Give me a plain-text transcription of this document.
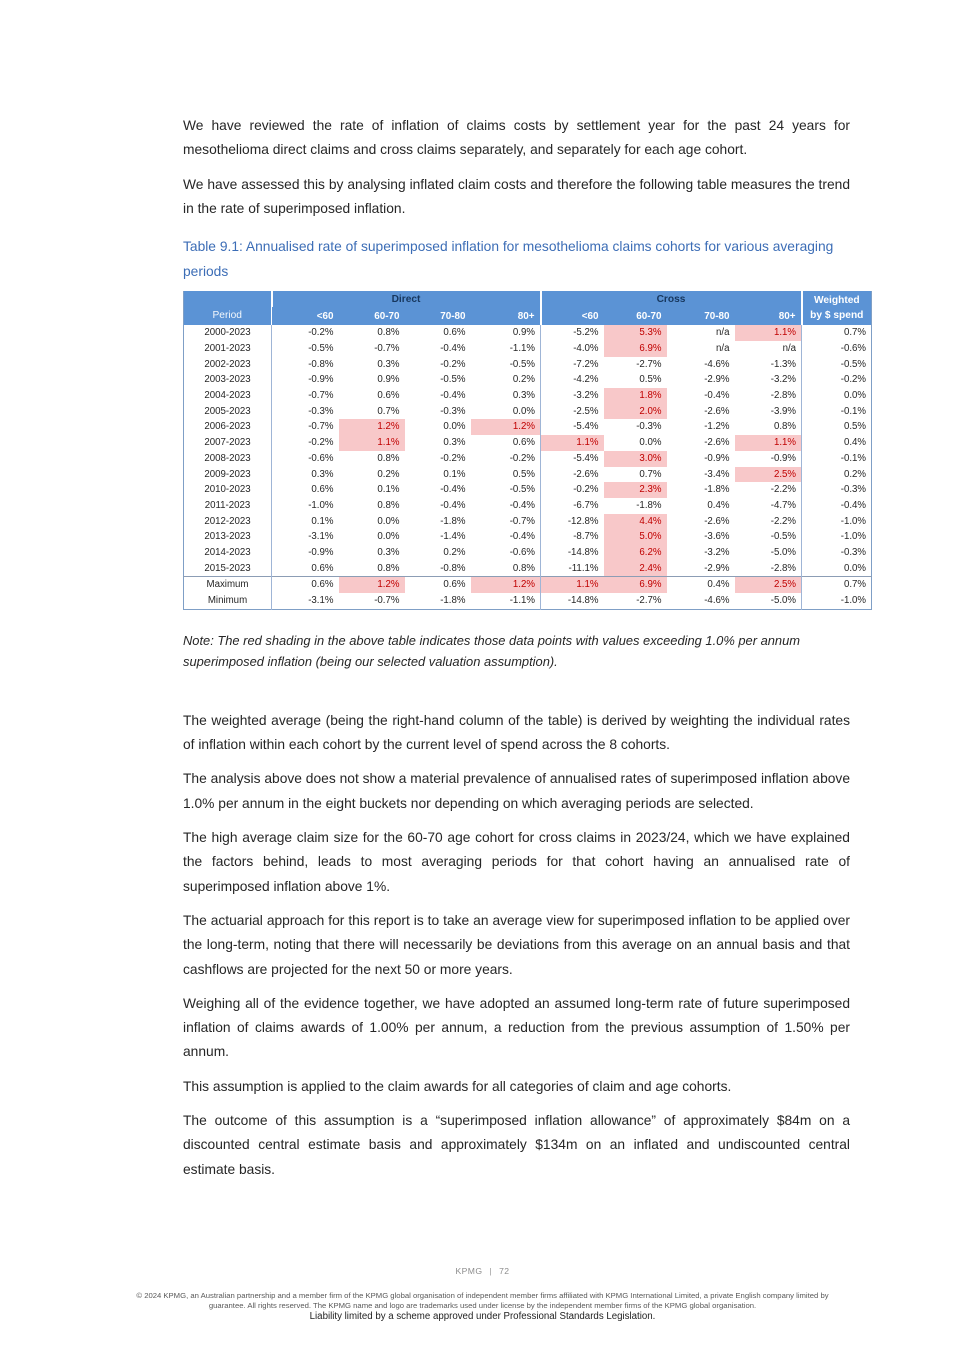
We have reviewed the rate of inflation of claims costs by settlement year for the past 24 years for mesothelioma direct claims and cross claims separately, and separately for each age cohort.

We have assessed this by analysing inflated claim costs and therefore the following table measures the trend in the rate of superimposed inflation.

Table 9.1: Annualised rate of superimposed inflation for mesothelioma claims cohorts for various averaging periods
Period	Direct				Cross				Weighted
by $ spend

	<60	60-70	70-80	80+	<60	60-70	70-80	80+	
2000-2023	-0.2%	0.8%	0.6%	0.9%	-5.2%	5.3%	n/a	1.1%	0.7%
2001-2023	-0.5%	-0.7%	-0.4%	-1.1%	-4.0%	6.9%	n/a	n/a	-0.6%
2002-2023	-0.8%	0.3%	-0.2%	-0.5%	-7.2%	-2.7%	-4.6%	-1.3%	-0.5%
2003-2023	-0.9%	0.9%	-0.5%	0.2%	-4.2%	0.5%	-2.9%	-3.2%	-0.2%
2004-2023	-0.7%	0.6%	-0.4%	0.3%	-3.2%	1.8%	-0.4%	-2.8%	0.0%
2005-2023	-0.3%	0.7%	-0.3%	0.0%	-2.5%	2.0%	-2.6%	-3.9%	-0.1%
2006-2023	-0.7%	1.2%	0.0%	1.2%	-5.4%	-0.3%	-1.2%	0.8%	0.5%
2007-2023	-0.2%	1.1%	0.3%	0.6%	1.1%	0.0%	-2.6%	1.1%	0.4%
2008-2023	-0.6%	0.8%	-0.2%	-0.2%	-5.4%	3.0%	-0.9%	-0.9%	-0.1%
2009-2023	0.3%	0.2%	0.1%	0.5%	-2.6%	0.7%	-3.4%	2.5%	0.2%
2010-2023	0.6%	0.1%	-0.4%	-0.5%	-0.2%	2.3%	-1.8%	-2.2%	-0.3%
2011-2023	-1.0%	0.8%	-0.4%	-0.4%	-6.7%	-1.8%	0.4%	-4.7%	-0.4%
2012-2023	0.1%	0.0%	-1.8%	-0.7%	-12.8%	4.4%	-2.6%	-2.2%	-1.0%
2013-2023	-3.1%	0.0%	-1.4%	-0.4%	-8.7%	5.0%	-3.6%	-0.5%	-1.0%
2014-2023	-0.9%	0.3%	0.2%	-0.6%	-14.8%	6.2%	-3.2%	-5.0%	-0.3%
2015-2023	0.6%	0.8%	-0.8%	0.8%	-11.1%	2.4%	-2.9%	-2.8%	0.0%
Maximum	0.6%	1.2%	0.6%	1.2%	1.1%	6.9%	0.4%	2.5%	0.7%
Minimum	-3.1%	-0.7%	-1.8%	-1.1%	-14.8%	-2.7%	-4.6%	-5.0%	-1.0%
Note: The red shading in the above table indicates those data points with values exceeding 1.0% per annum superimposed inflation (being our selected valuation assumption).

The weighted average (being the right-hand column of the table) is derived by weighting the individual rates of inflation within each cohort by the current level of spend across the 8 cohorts.

The analysis above does not show a material prevalence of annualised rates of superimposed inflation above 1.0% per annum in the eight buckets nor depending on which averaging periods are selected.

The high average claim size for the 60-70 age cohort for cross claims in 2023/24, which we have explained the factors behind, leads to most averaging periods for that cohort having an annualised rate of superimposed inflation above 1%.

The actuarial approach for this report is to take an average view for superimposed inflation to be applied over the long-term, noting that there will necessarily be deviations from this average on an annual basis and that cashflows are projected for the next 50 or more years.

Weighing all of the evidence together, we have adopted an assumed long-term rate of future superimposed inflation of claims awards of 1.00% per annum, a reduction from the previous assumption of 1.50% per annum.

This assumption is applied to the claim awards for all categories of claim and age cohorts.

The outcome of this assumption is a “superimposed inflation allowance” of approximately $84m on a discounted central estimate basis and approximately $134m on an inflated and undiscounted central estimate basis.

KPMG | 72
© 2024 KPMG, an Australian partnership and a member firm of the KPMG global organisation of independent member firms affiliated with KPMG International Limited, a private English company limited by guarantee. All rights reserved. The KPMG name and logo are trademarks used under license by the independent member firms of the KPMG global organisation.
Liability limited by a scheme approved under Professional Standards Legislation.
